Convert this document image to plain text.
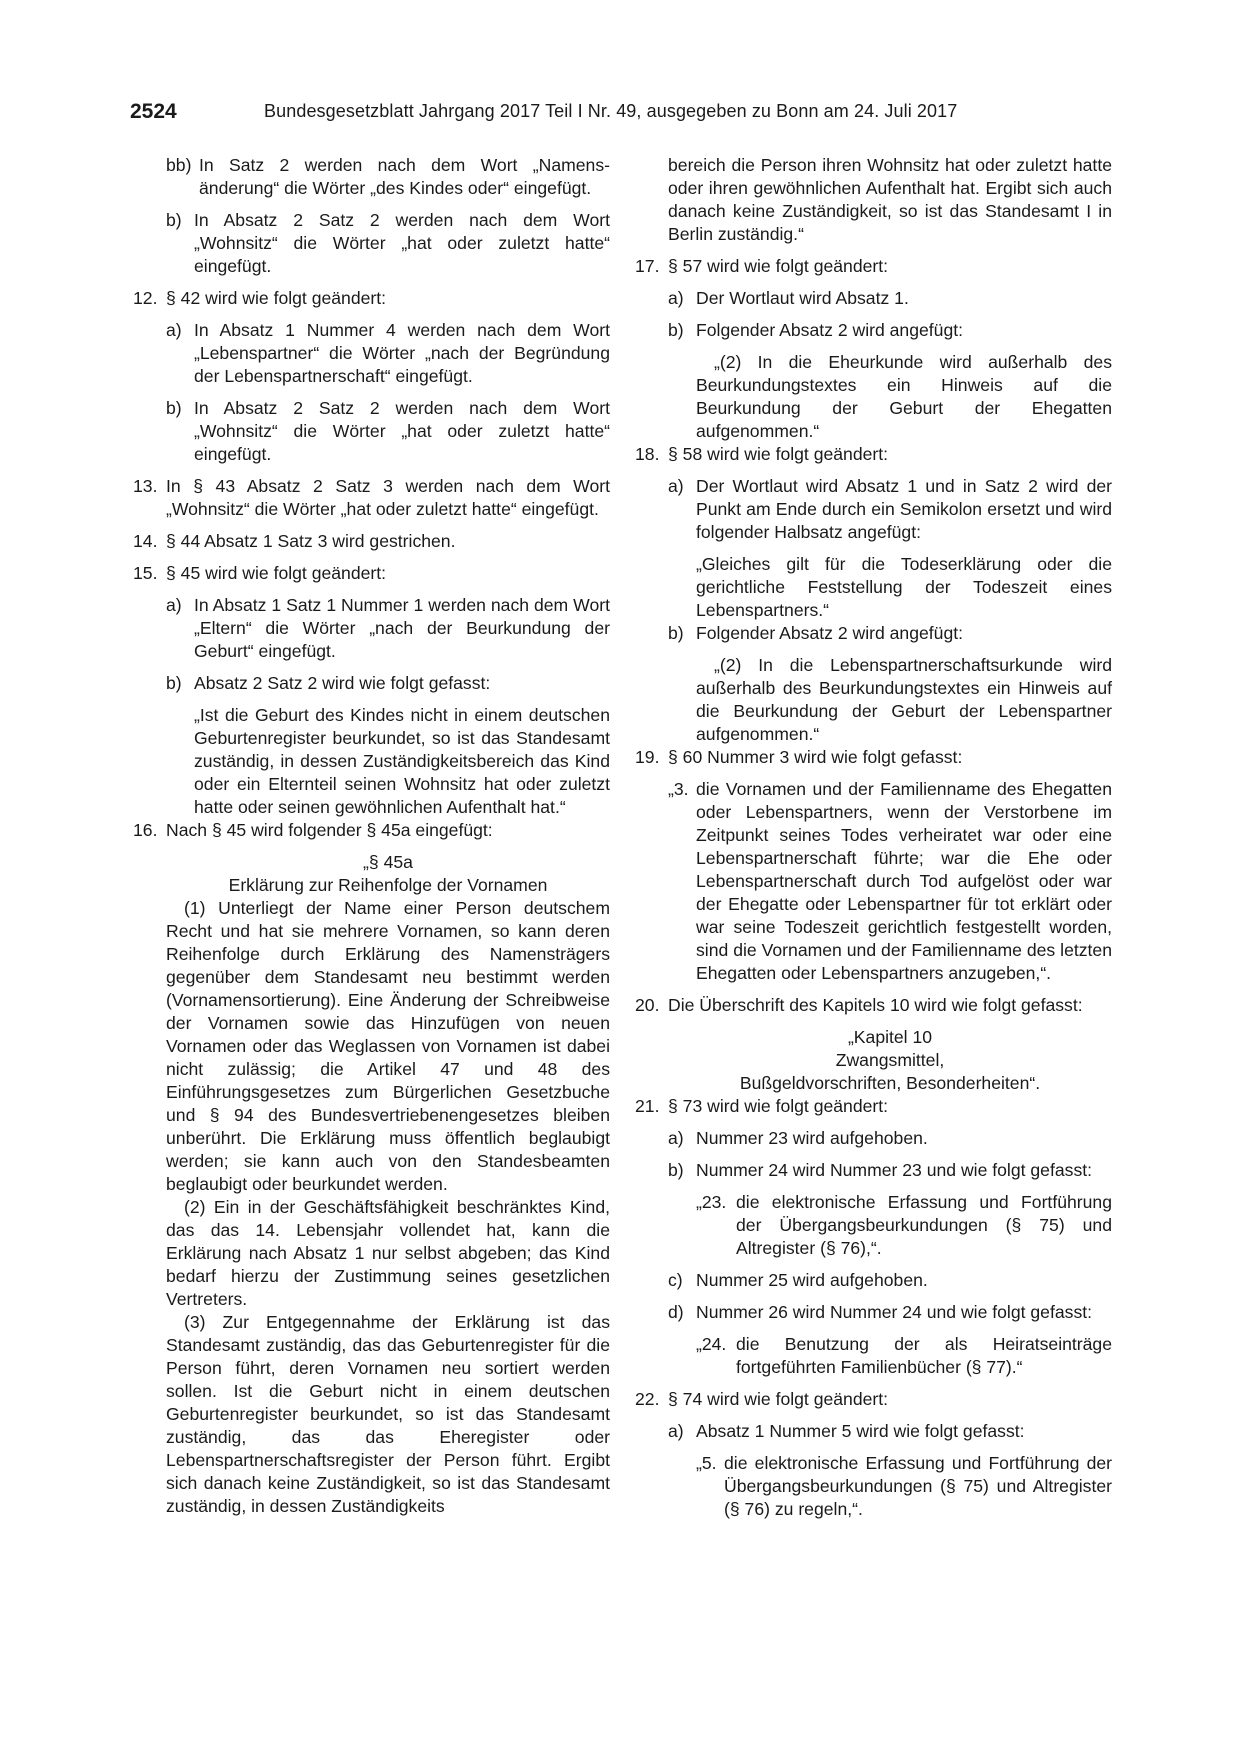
2524	Bundesgesetzblatt Jahrgang 2017 Teil I Nr. 49, ausgegeben zu Bonn am 24. Juli 2017
bb) In Satz 2 werden nach dem Wort „Namensänderung“ die Wörter „des Kindes oder“ eingefügt.

b) In Absatz 2 Satz 2 werden nach dem Wort „Wohnsitz“ die Wörter „hat oder zuletzt hatte“ eingefügt.

12. § 42 wird wie folgt geändert:

a) In Absatz 1 Nummer 4 werden nach dem Wort „Lebenspartner“ die Wörter „nach der Begründung der Lebenspartnerschaft“ eingefügt.

b) In Absatz 2 Satz 2 werden nach dem Wort „Wohnsitz“ die Wörter „hat oder zuletzt hatte“ eingefügt.

13. In § 43 Absatz 2 Satz 3 werden nach dem Wort „Wohnsitz“ die Wörter „hat oder zuletzt hatte“ eingefügt.

14. § 44 Absatz 1 Satz 3 wird gestrichen.

15. § 45 wird wie folgt geändert:

a) In Absatz 1 Satz 1 Nummer 1 werden nach dem Wort „Eltern“ die Wörter „nach der Beurkundung der Geburt“ eingefügt.

b) Absatz 2 Satz 2 wird wie folgt gefasst:

„Ist die Geburt des Kindes nicht in einem deutschen Geburtenregister beurkundet, so ist das Standesamt zuständig, in dessen Zuständigkeitsbereich das Kind oder ein Elternteil seinen Wohnsitz hat oder zuletzt hatte oder seinen gewöhnlichen Aufenthalt hat.“

16. Nach § 45 wird folgender § 45a eingefügt:

„§ 45a

Erklärung zur Reihenfolge der Vornamen

(1) Unterliegt der Name einer Person deutschem Recht und hat sie mehrere Vornamen, so kann deren Reihenfolge durch Erklärung des Namensträgers gegenüber dem Standesamt neu bestimmt werden (Vornamensortierung). Eine Änderung der Schreibweise der Vornamen sowie das Hinzufügen von neuen Vornamen oder das Weglassen von Vornamen ist dabei nicht zulässig; die Artikel 47 und 48 des Einführungsgesetzes zum Bürgerlichen Gesetzbuche und § 94 des Bundesvertriebenengesetzes bleiben unberührt. Die Erklärung muss öffentlich beglaubigt werden; sie kann auch von den Standesbeamten beglaubigt oder beurkundet werden.

(2) Ein in der Geschäftsfähigkeit beschränktes Kind, das das 14. Lebensjahr vollendet hat, kann die Erklärung nach Absatz 1 nur selbst abgeben; das Kind bedarf hierzu der Zustimmung seines gesetzlichen Vertreters.

(3) Zur Entgegennahme der Erklärung ist das Standesamt zuständig, das das Geburtenregister für die Person führt, deren Vornamen neu sortiert werden sollen. Ist die Geburt nicht in einem deutschen Geburtenregister beurkundet, so ist das Standesamt zuständig, das das Eheregister oder Lebenspartnerschaftsregister der Person führt. Ergibt sich danach keine Zuständigkeit, so ist das Standesamt zuständig, in dessen Zuständigkeits

bereich die Person ihren Wohnsitz hat oder zuletzt hatte oder ihren gewöhnlichen Aufenthalt hat. Ergibt sich auch danach keine Zuständigkeit, so ist das Standesamt I in Berlin zuständig.“

17. § 57 wird wie folgt geändert:

a) Der Wortlaut wird Absatz 1.

b) Folgender Absatz 2 wird angefügt:

„(2) In die Eheurkunde wird außerhalb des Beurkundungstextes ein Hinweis auf die Beurkundung der Geburt der Ehegatten aufgenommen.“

18. § 58 wird wie folgt geändert:

a) Der Wortlaut wird Absatz 1 und in Satz 2 wird der Punkt am Ende durch ein Semikolon ersetzt und wird folgender Halbsatz angefügt:

„Gleiches gilt für die Todeserklärung oder die gerichtliche Feststellung der Todeszeit eines Lebenspartners.“

b) Folgender Absatz 2 wird angefügt:

„(2) In die Lebenspartnerschaftsurkunde wird außerhalb des Beurkundungstextes ein Hinweis auf die Beurkundung der Geburt der Lebenspartner aufgenommen.“

19. § 60 Nummer 3 wird wie folgt gefasst:

„3. die Vornamen und der Familienname des Ehegatten oder Lebenspartners, wenn der Verstorbene im Zeitpunkt seines Todes verheiratet war oder eine Lebenspartnerschaft führte; war die Ehe oder Lebenspartnerschaft durch Tod aufgelöst oder war der Ehegatte oder Lebenspartner für tot erklärt oder war seine Todeszeit gerichtlich festgestellt worden, sind die Vornamen und der Familienname des letzten Ehegatten oder Lebenspartners anzugeben,“.
20. Die Überschrift des Kapitels 10 wird wie folgt gefasst:

„Kapitel 10

Zwangsmittel,

Bußgeldvorschriften, Besonderheiten“.

21. § 73 wird wie folgt geändert:

a) Nummer 23 wird aufgehoben.

b) Nummer 24 wird Nummer 23 und wie folgt gefasst:

„23. die elektronische Erfassung und Fortführung der Übergangsbeurkundungen (§ 75) und Altregister (§ 76),“.
c) Nummer 25 wird aufgehoben.

d) Nummer 26 wird Nummer 24 und wie folgt gefasst:

„24. die Benutzung der als Heiratseinträge fortgeführten Familienbücher (§ 77).“
22. § 74 wird wie folgt geändert:

a) Absatz 1 Nummer 5 wird wie folgt gefasst:

„5. die elektronische Erfassung und Fortführung der Übergangsbeurkundungen (§ 75) und Altregister (§ 76) zu regeln,“.
